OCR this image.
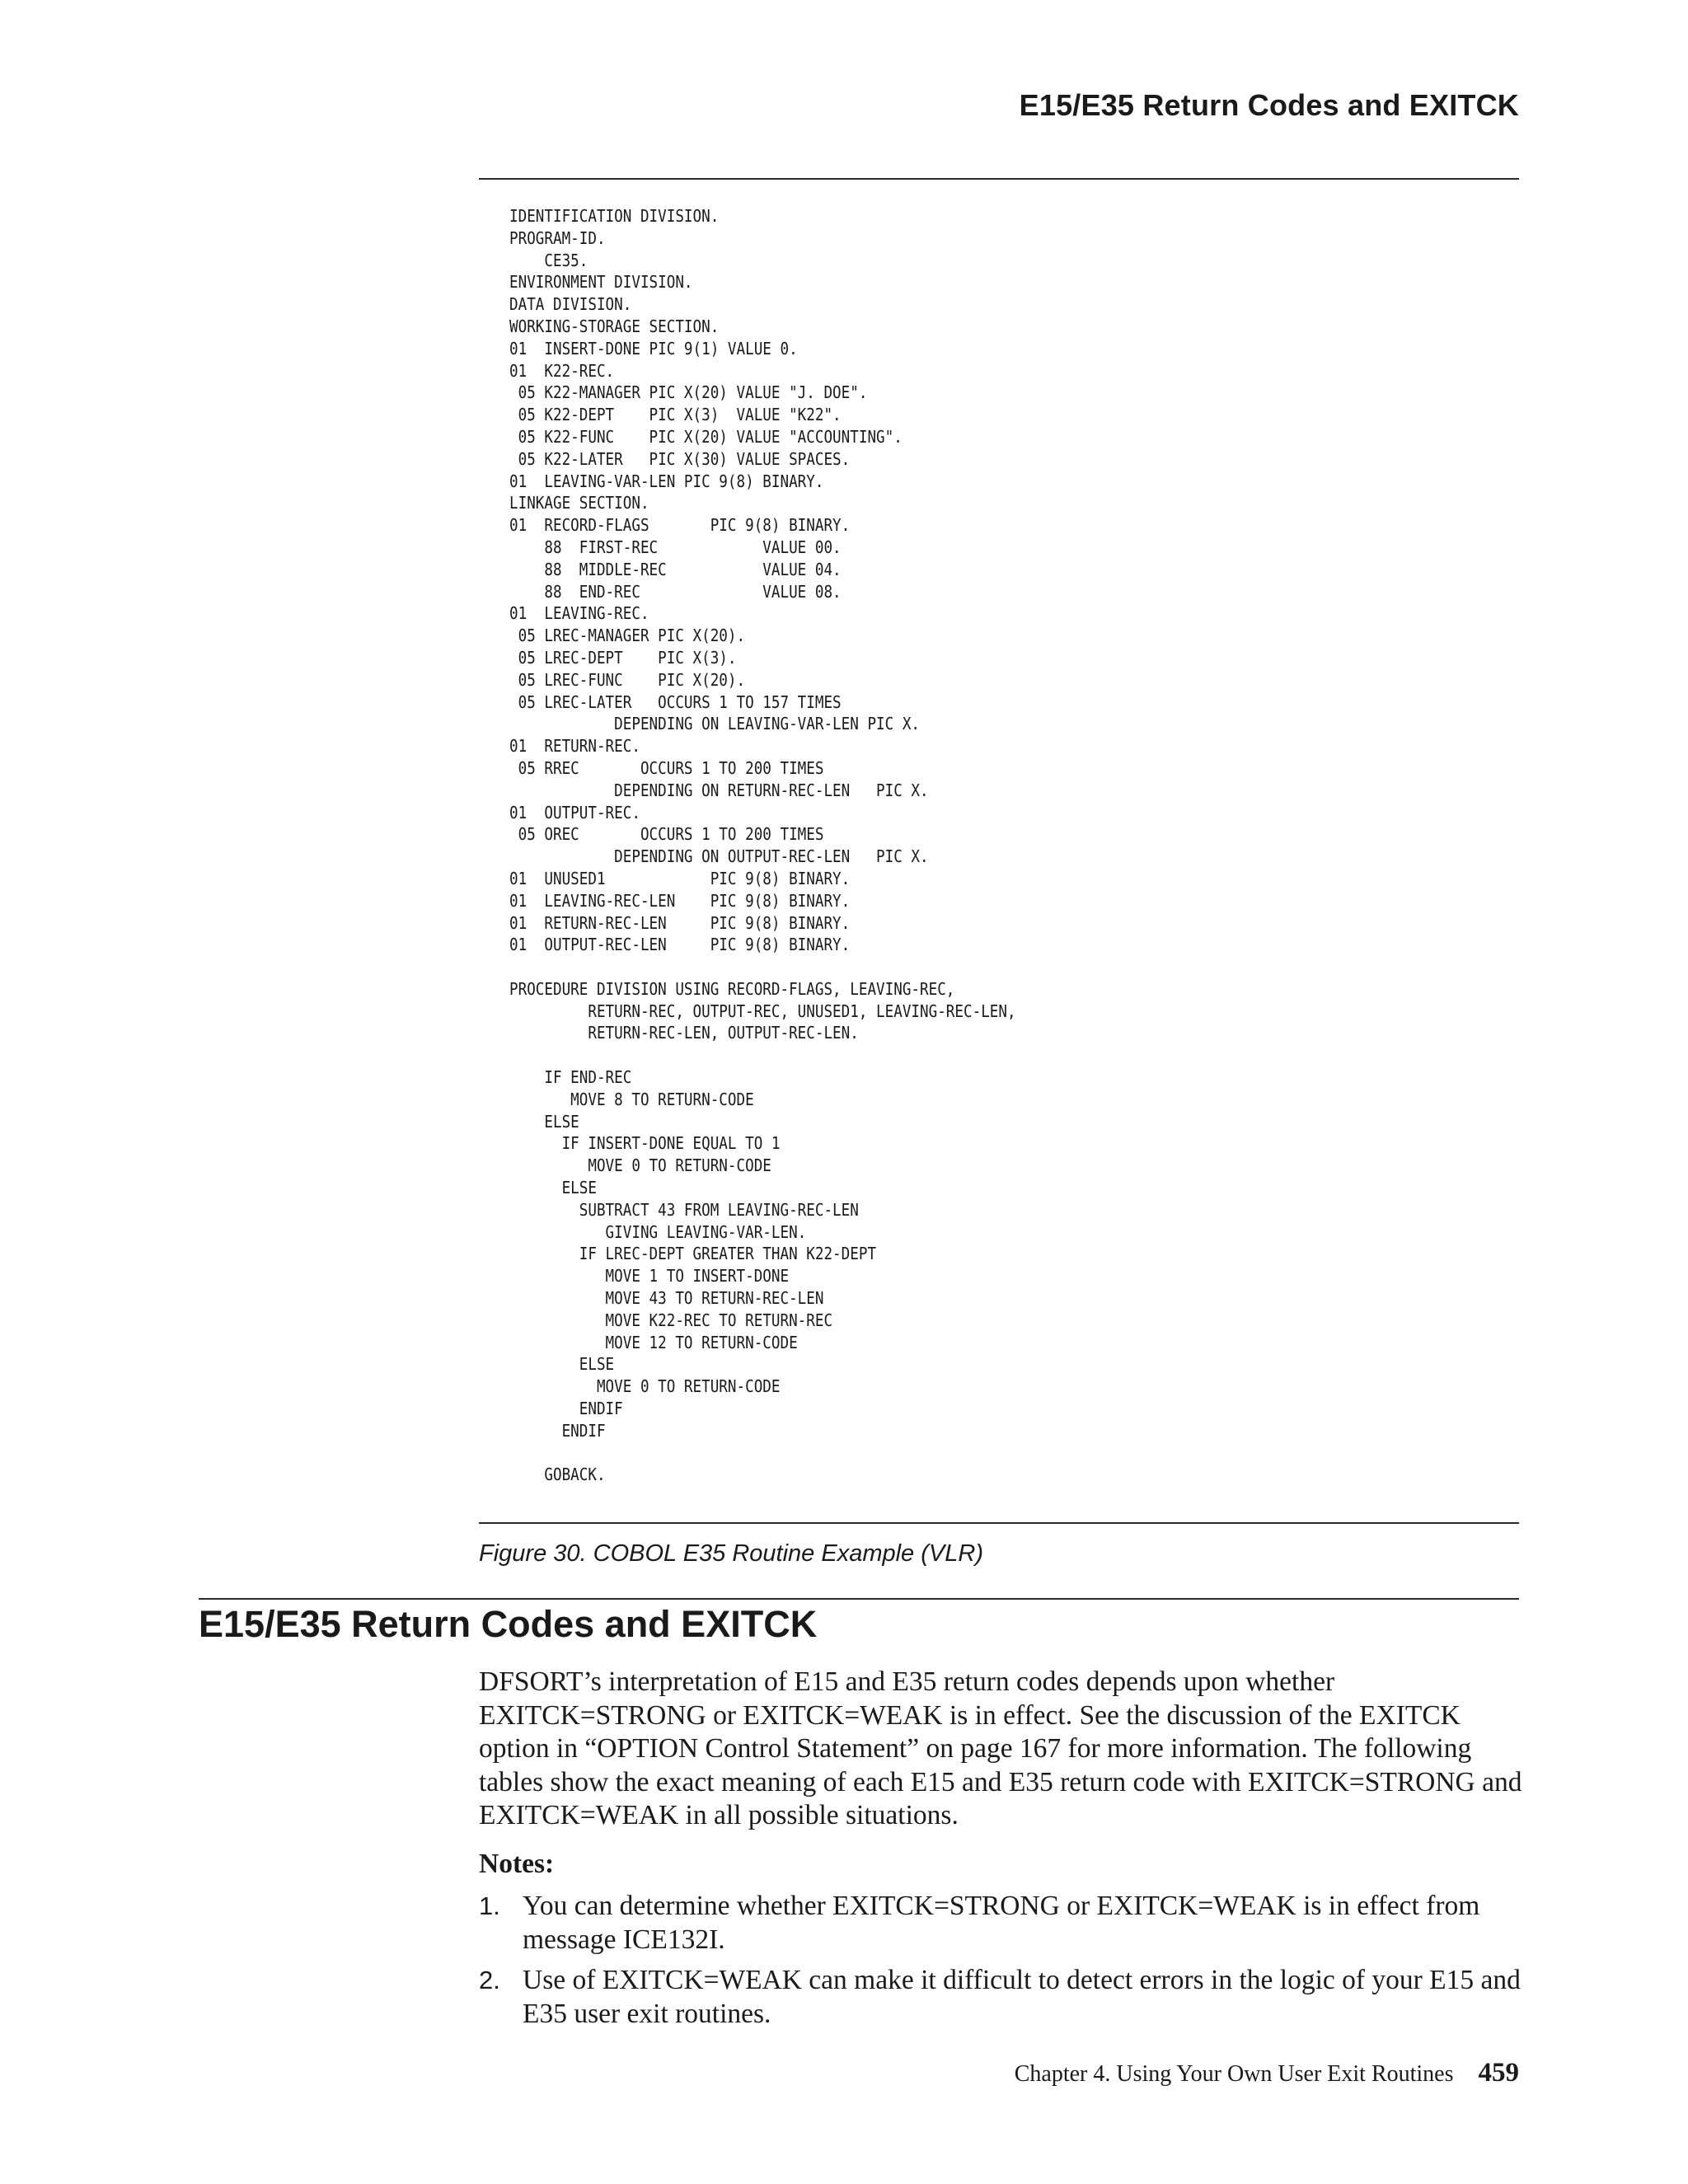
E15/E35 Return Codes and EXITCK
IDENTIFICATION DIVISION.
PROGRAM-ID.
CE35.
ENVIRONMENT DIVISION.
DATA DIVISION.
WORKING-STORAGE SECTION.
01  INSERT-DONE PIC 9(1) VALUE 0.
01  K22-REC.
05 K22-MANAGER PIC X(20) VALUE "J. DOE".
05 K22-DEPT    PIC X(3)  VALUE "K22".
05 K22-FUNC    PIC X(20) VALUE "ACCOUNTING".
05 K22-LATER   PIC X(30) VALUE SPACES.
01  LEAVING-VAR-LEN PIC 9(8) BINARY.
LINKAGE SECTION.
01  RECORD-FLAGS       PIC 9(8) BINARY.
88  FIRST-REC            VALUE 00.
88  MIDDLE-REC           VALUE 04.
88  END-REC              VALUE 08.
01  LEAVING-REC.
05 LREC-MANAGER PIC X(20).
05 LREC-DEPT    PIC X(3).
05 LREC-FUNC    PIC X(20).
05 LREC-LATER   OCCURS 1 TO 157 TIMES
DEPENDING ON LEAVING-VAR-LEN PIC X.
01  RETURN-REC.
05 RREC       OCCURS 1 TO 200 TIMES
DEPENDING ON RETURN-REC-LEN   PIC X.
01  OUTPUT-REC.
05 OREC       OCCURS 1 TO 200 TIMES
DEPENDING ON OUTPUT-REC-LEN   PIC X.
01  UNUSED1            PIC 9(8) BINARY.
01  LEAVING-REC-LEN    PIC 9(8) BINARY.
01  RETURN-REC-LEN     PIC 9(8) BINARY.
01  OUTPUT-REC-LEN     PIC 9(8) BINARY.

PROCEDURE DIVISION USING RECORD-FLAGS, LEAVING-REC,
RETURN-REC, OUTPUT-REC, UNUSED1, LEAVING-REC-LEN,
RETURN-REC-LEN, OUTPUT-REC-LEN.

IF END-REC
MOVE 8 TO RETURN-CODE
ELSE
IF INSERT-DONE EQUAL TO 1
MOVE 0 TO RETURN-CODE
ELSE
SUBTRACT 43 FROM LEAVING-REC-LEN
GIVING LEAVING-VAR-LEN.
IF LREC-DEPT GREATER THAN K22-DEPT
MOVE 1 TO INSERT-DONE
MOVE 43 TO RETURN-REC-LEN
MOVE K22-REC TO RETURN-REC
MOVE 12 TO RETURN-CODE
ELSE
MOVE 0 TO RETURN-CODE
ENDIF
ENDIF

GOBACK.

Figure 30. COBOL E35 Routine Example (VLR)

E15/E35 Return Codes and EXITCK

DFSORT’s interpretation of E15 and E35 return codes depends upon whether EXITCK=STRONG or EXITCK=WEAK is in effect. See the discussion of the EXITCK option in “OPTION Control Statement” on page 167 for more information. The following tables show the exact meaning of each E15 and E35 return code with EXITCK=STRONG and EXITCK=WEAK in all possible situations.

Notes:

1. You can determine whether EXITCK=STRONG or EXITCK=WEAK is in effect from message ICE132I.
2. Use of EXITCK=WEAK can make it difficult to detect errors in the logic of your E15 and E35 user exit routines.
Chapter 4. Using Your Own User Exit Routines 459
